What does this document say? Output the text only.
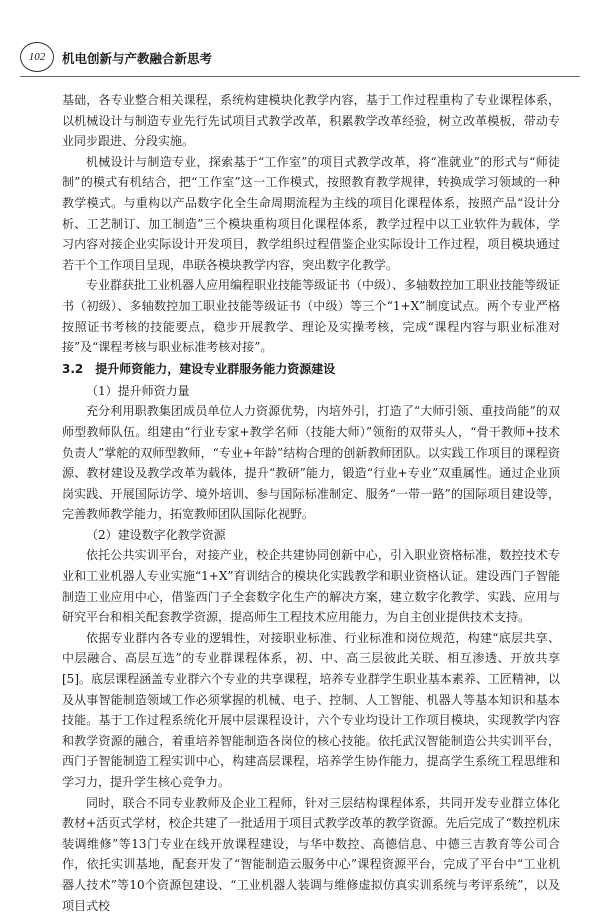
102	机电创新与产教融合新思考

基础，各专业整合相关课程，系统构建模块化教学内容，基于工作过程重构了专业课程体系，以机械设计与制造专业先行先试项目式教学改革，积累教学改革经验，树立改革模板，带动专业同步跟进、分段实施。

机械设计与制造专业，探索基于“工作室”的项目式教学改革，将“准就业”的形式与“师徒制”的模式有机结合，把“工作室”这一工作模式，按照教育教学规律，转换成学习领域的一种教学模式。与重构以产品数字化全生命周期流程为主线的项目化课程体系，按照产品“设计分析、工艺制订、加工制造”三个模块重构项目化课程体系，教学过程中以工业软件为载体，学习内容对接企业实际设计开发项目，教学组织过程借鉴企业实际设计工作过程，项目模块通过若干个工作项目呈现，串联各模块教学内容，突出数字化教学。

专业群获批工业机器人应用编程职业技能等级证书（中级）、多轴数控加工职业技能等级证书（初级）、多轴数控加工职业技能等级证书（中级）等三个“1+X”制度试点。两个专业严格按照证书考核的技能要点，稳步开展教学、理论及实操考核，完成“课程内容与职业标准对接”及“课程考核与职业标准考核对接”。

3.2　提升师资能力，建设专业群服务能力资源建设
（1）提升师资力量

充分利用职教集团成员单位人力资源优势，内培外引，打造了“大师引领、重技尚能”的双师型教师队伍。组建由“行业专家+教学名师（技能大师）”领衔的双带头人，“骨干教师+技术负责人”掌舵的双师型教师，“专业+年龄”结构合理的创新教师团队。以实践工作项目的课程资源、教材建设及教学改革为载体，提升“教研”能力，锻造“行业+专业”双重属性。通过企业顶岗实践、开展国际访学、境外培训、参与国际标准制定、服务“一带一路”的国际项目建设等，完善教师教学能力，拓宽教师团队国际化视野。

（2）建设数字化教学资源

依托公共实训平台，对接产业，校企共建协同创新中心，引入职业资格标准，数控技术专业和工业机器人专业实施“1+X”育训结合的模块化实践教学和职业资格认证。建设西门子智能制造工业应用中心，借鉴西门子全套数字化生产的解决方案，建立数字化教学、实践、应用与研究平台和相关配套教学资源，提高师生工程技术应用能力，为自主创业提供技术支持。

依据专业群内各专业的逻辑性，对接职业标准、行业标准和岗位规范，构建“底层共享、中层融合、高层互选”的专业群课程体系，初、中、高三层彼此关联、相互渗透、开放共享[5]。底层课程涵盖专业群六个专业的共享课程，培养专业群学生职业基本素养、工匠精神，以及从事智能制造领域工作必须掌握的机械、电子、控制、人工智能、机器人等基本知识和基本技能。基于工作过程系统化开展中层课程设计，六个专业均设计工作项目模块，实现教学内容和教学资源的融合，着重培养智能制造各岗位的核心技能。依托武汉智能制造公共实训平台，西门子智能制造工程实训中心，构建高层课程，培养学生协作能力，提高学生系统工程思维和学习力，提升学生核心竞争力。

同时，联合不同专业教师及企业工程师，针对三层结构课程体系，共同开发专业群立体化教材+活页式学材，校企共建了一批适用于项目式教学改革的教学资源。先后完成了“数控机床装调维修”等13门专业在线开放课程建设，与华中数控、高德信息、中德三吉教育等公司合作，依托实训基地，配套开发了“智能制造云服务中心”课程资源平台，完成了平台中“工业机器人技术”等10个资源包建设、“工业机器人装调与维修虚拟仿真实训系统与考评系统”，以及项目式校
